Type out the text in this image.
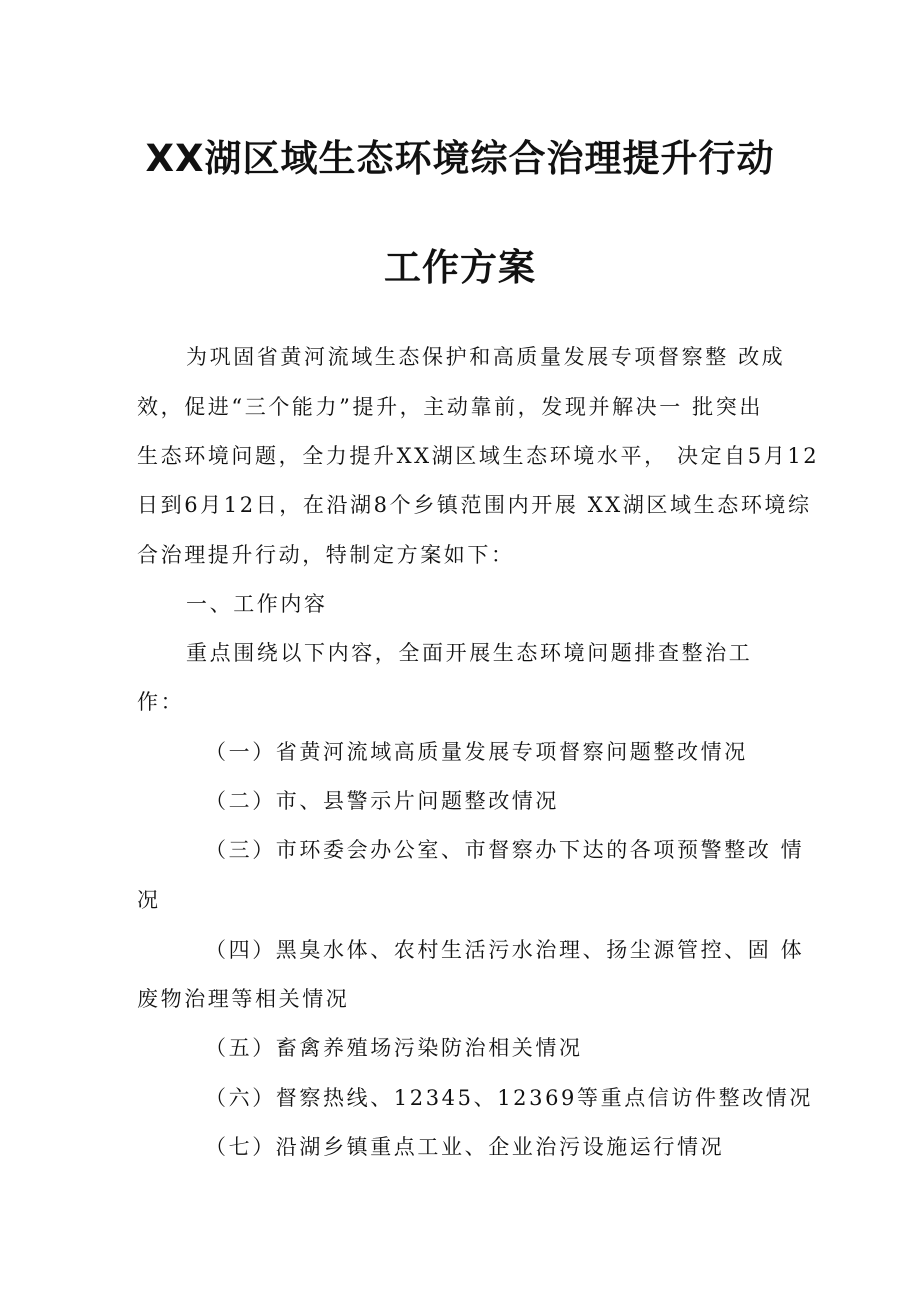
XX湖区域生态环境综合治理提升行动
工作方案
为巩固省黄河流域生态保护和高质量发展专项督察整 改成
效，促进“三个能力”提升，主动靠前，发现并解决一 批突出
生态环境问题，全力提升XX湖区域生态环境水平， 决定自5月12
日到6月12日，在沿湖8个乡镇范围内开展 XX湖区域生态环境综
合治理提升行动，特制定方案如下：
一、工作内容
重点围绕以下内容，全面开展生态环境问题排查整治工
作：
（一）省黄河流域高质量发展专项督察问题整改情况
（二）市、县警示片问题整改情况
（三）市环委会办公室、市督察办下达的各项预警整改 情
况
（四）黑臭水体、农村生活污水治理、扬尘源管控、固 体
废物治理等相关情况
（五）畜禽养殖场污染防治相关情况
（六）督察热线、12345、12369等重点信访件整改情况
（七）沿湖乡镇重点工业、企业治污设施运行情况
